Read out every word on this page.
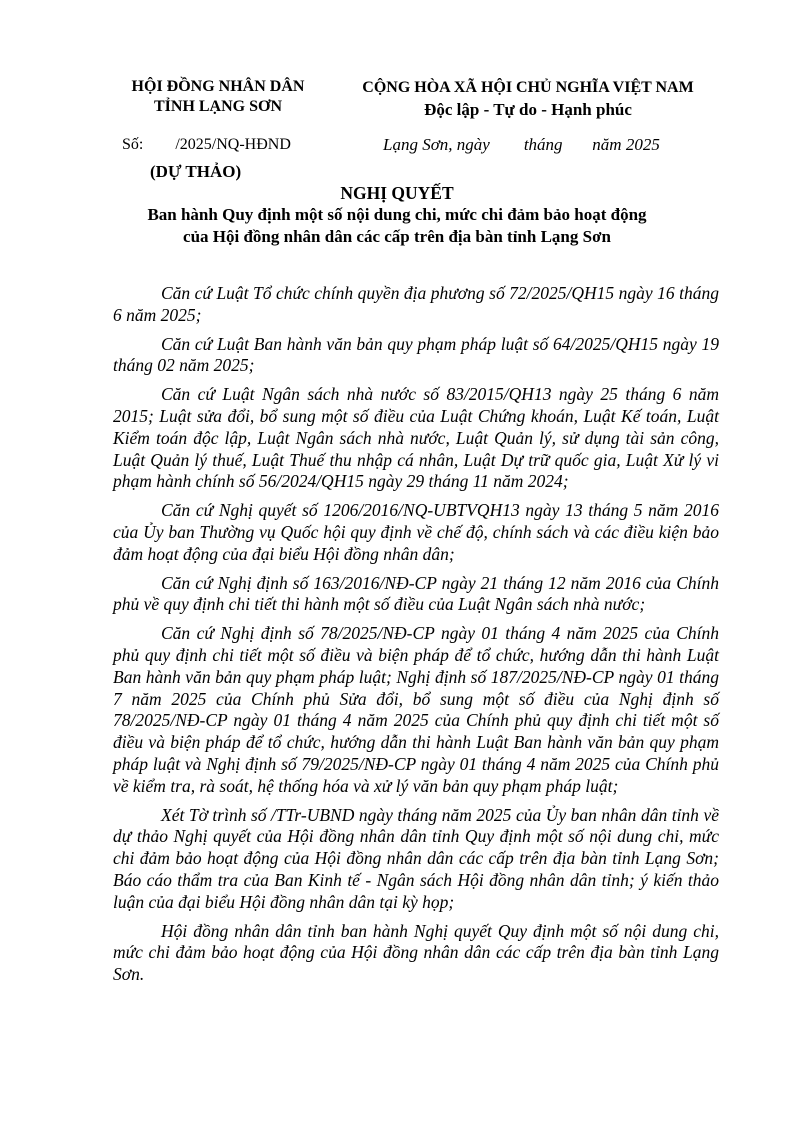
HỘI ĐỒNG NHÂN DÂN
TỈNH LẠNG SƠN
CỘNG HÒA XÃ HỘI CHỦ NGHĨA VIỆT NAM
Độc lập - Tự do - Hạnh phúc
Số:        /2025/NQ-HĐND	Lạng Sơn, ngày        tháng       năm 2025
(DỰ THẢO)
NGHỊ QUYẾT
Ban hành Quy định một số nội dung chi, mức chi đảm bảo hoạt động
của Hội đồng nhân dân các cấp trên địa bàn tỉnh Lạng Sơn

Căn cứ Luật Tổ chức chính quyền địa phương số 72/2025/QH15 ngày 16 tháng 6 năm 2025;

Căn cứ Luật Ban hành văn bản quy phạm pháp luật số 64/2025/QH15 ngày 19 tháng 02 năm 2025;

Căn cứ Luật Ngân sách nhà nước số 83/2015/QH13 ngày 25 tháng 6 năm 2015; Luật sửa đổi, bổ sung một số điều của Luật Chứng khoán, Luật Kế toán, Luật Kiểm toán độc lập, Luật Ngân sách nhà nước, Luật Quản lý, sử dụng tài sản công, Luật Quản lý thuế, Luật Thuế thu nhập cá nhân, Luật Dự trữ quốc gia, Luật Xử lý vi phạm hành chính số 56/2024/QH15 ngày 29 tháng 11 năm 2024;

Căn cứ Nghị quyết số 1206/2016/NQ-UBTVQH13 ngày 13 tháng 5 năm 2016 của Ủy ban Thường vụ Quốc hội quy định về chế độ, chính sách và các điều kiện bảo đảm hoạt động của đại biểu Hội đồng nhân dân;

Căn cứ Nghị định số 163/2016/NĐ-CP ngày 21 tháng 12 năm 2016 của Chính phủ về quy định chi tiết thi hành một số điều của Luật Ngân sách nhà nước;

Căn cứ Nghị định số 78/2025/NĐ-CP ngày 01 tháng 4 năm 2025 của Chính phủ quy định chi tiết một số điều và biện pháp để tổ chức, hướng dẫn thi hành Luật Ban hành văn bản quy phạm pháp luật; Nghị định số 187/2025/NĐ-CP ngày 01 tháng 7 năm 2025 của Chính phủ Sửa đổi, bổ sung một số điều của Nghị định số 78/2025/NĐ-CP ngày 01 tháng 4 năm 2025 của Chính phủ quy định chi tiết một số điều và biện pháp để tổ chức, hướng dẫn thi hành Luật Ban hành văn bản quy phạm pháp luật và Nghị định số 79/2025/NĐ-CP ngày 01 tháng 4 năm 2025 của Chính phủ về kiểm tra, rà soát, hệ thống hóa và xử lý văn bản quy phạm pháp luật;

Xét Tờ trình số /TTr-UBND ngày tháng năm 2025 của Ủy ban nhân dân tỉnh về dự thảo Nghị quyết của Hội đồng nhân dân tỉnh Quy định một số nội dung chi, mức chi đảm bảo hoạt động của Hội đồng nhân dân các cấp trên địa bàn tỉnh Lạng Sơn; Báo cáo thẩm tra của Ban Kinh tế - Ngân sách Hội đồng nhân dân tỉnh; ý kiến thảo luận của đại biểu Hội đồng nhân dân tại kỳ họp;

Hội đồng nhân dân tỉnh ban hành Nghị quyết Quy định một số nội dung chi, mức chi đảm bảo hoạt động của Hội đồng nhân dân các cấp trên địa bàn tỉnh Lạng Sơn.
